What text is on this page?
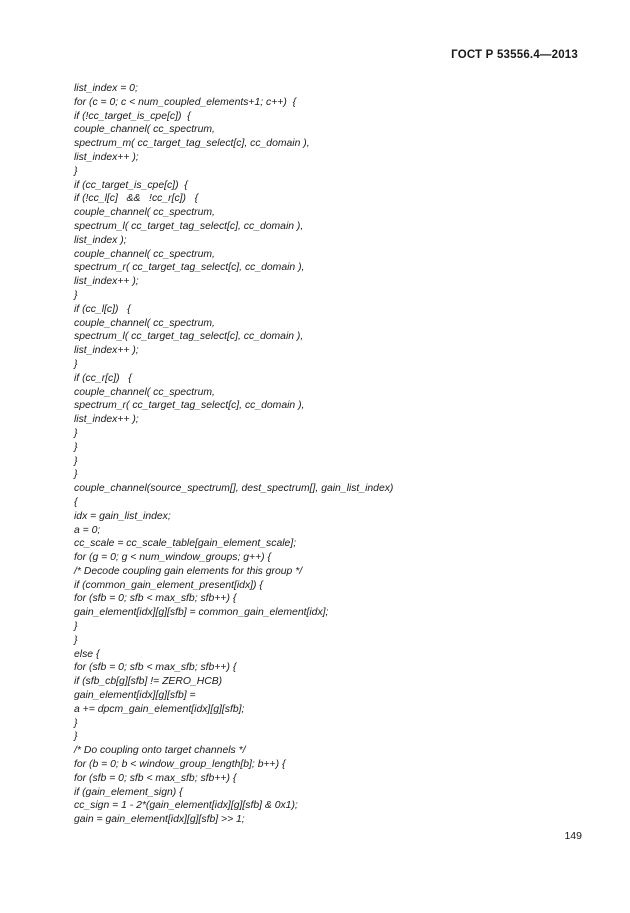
ГОСТ Р 53556.4—2013
list_index = 0;
for (c = 0; c < num_coupled_elements+1; c++)  {
if (!cc_target_is_cpe[c])  {
couple_channel( cc_spectrum,
spectrum_m( cc_target_tag_select[c], cc_domain ),
list_index++ );
}
if (cc_target_is_cpe[c])  {
if (!cc_l[c]   &&   !cc_r[c])   {
couple_channel( cc_spectrum,
spectrum_l( cc_target_tag_select[c], cc_domain ),
list_index );
couple_channel( cc_spectrum,
spectrum_r( cc_target_tag_select[c], cc_domain ),
list_index++ );
}
if (cc_l[c])   {
couple_channel( cc_spectrum,
spectrum_l( cc_target_tag_select[c], cc_domain ),
list_index++ );
}
if (cc_r[c])   {
couple_channel( cc_spectrum,
spectrum_r( cc_target_tag_select[c], cc_domain ),
list_index++ );
}
}
}
}
couple_channel(source_spectrum[], dest_spectrum[], gain_list_index)
{
idx = gain_list_index;
a = 0;
cc_scale = cc_scale_table[gain_element_scale];
for (g = 0; g < num_window_groups; g++) {
/* Decode coupling gain elements for this group */
if (common_gain_element_present[idx]) {
for (sfb = 0; sfb < max_sfb; sfb++) {
gain_element[idx][g][sfb] = common_gain_element[idx];
}
}
else {
for (sfb = 0; sfb < max_sfb; sfb++) {
if (sfb_cb[g][sfb] != ZERO_HCB)
gain_element[idx][g][sfb] =
a += dpcm_gain_element[idx][g][sfb];
}
}
/* Do coupling onto target channels */
for (b = 0; b < window_group_length[b]; b++) {
for (sfb = 0; sfb < max_sfb; sfb++) {
if (gain_element_sign) {
cc_sign = 1 - 2*(gain_element[idx][g][sfb] & 0x1);
gain = gain_element[idx][g][sfb] >> 1;
149
